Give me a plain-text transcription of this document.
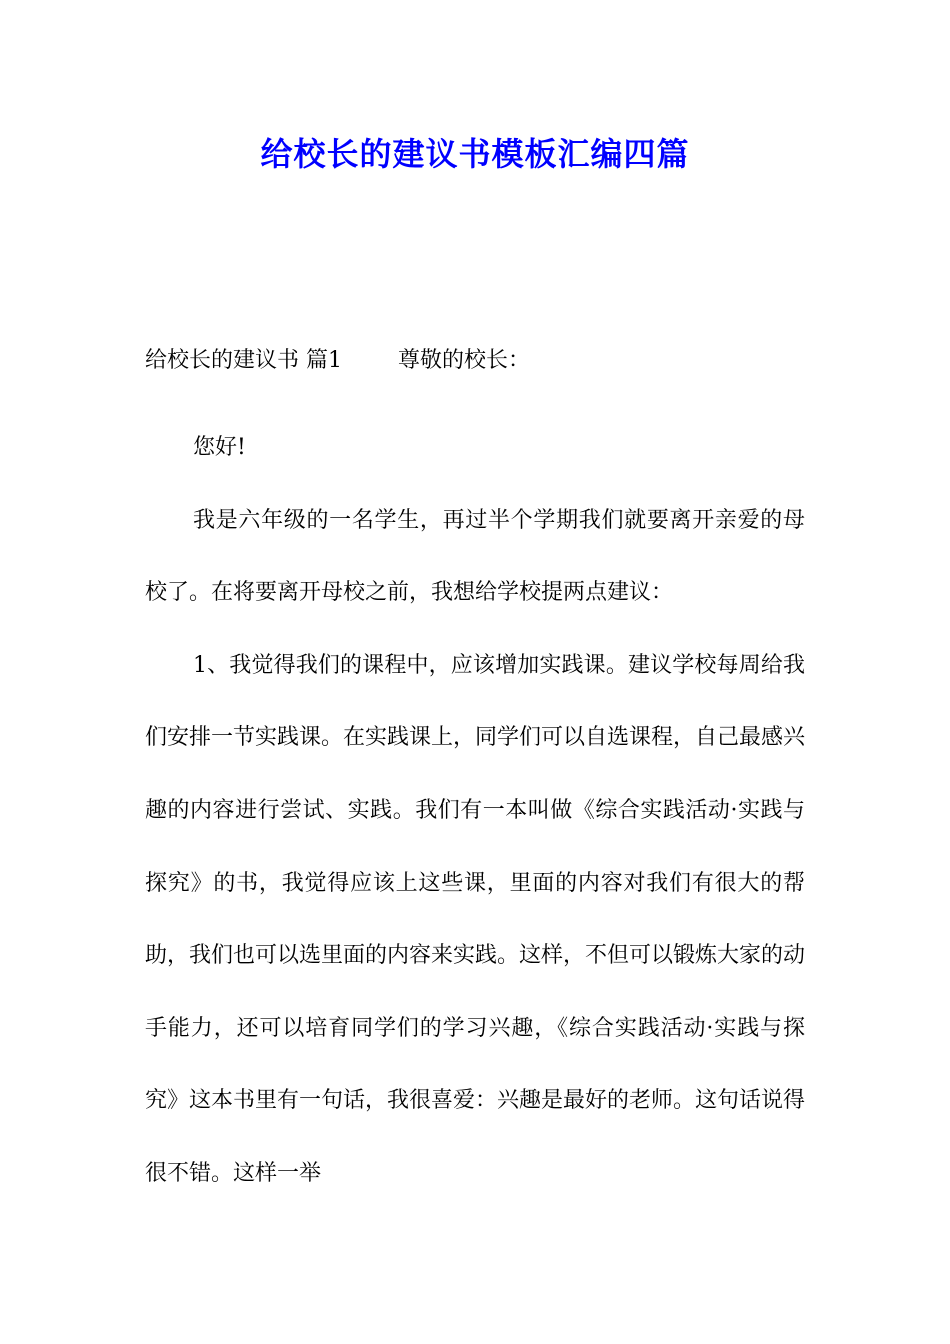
给校长的建议书模板汇编四篇
给校长的建议书 篇1	尊敬的校长：

您好!

我是六年级的一名学生，再过半个学期我们就要离开亲爱的母校了。在将要离开母校之前，我想给学校提两点建议：

1、我觉得我们的课程中，应该增加实践课。建议学校每周给我们安排一节实践课。在实践课上，同学们可以自选课程，自己最感兴趣的内容进行尝试、实践。我们有一本叫做《综合实践活动·实践与探究》的书，我觉得应该上这些课，里面的内容对我们有很大的帮助，我们也可以选里面的内容来实践。这样，不但可以锻炼大家的动手能力，还可以培育同学们的学习兴趣，《综合实践活动·实践与探究》这本书里有一句话，我很喜爱：兴趣是最好的老师。这句话说得很不错。这样一举
